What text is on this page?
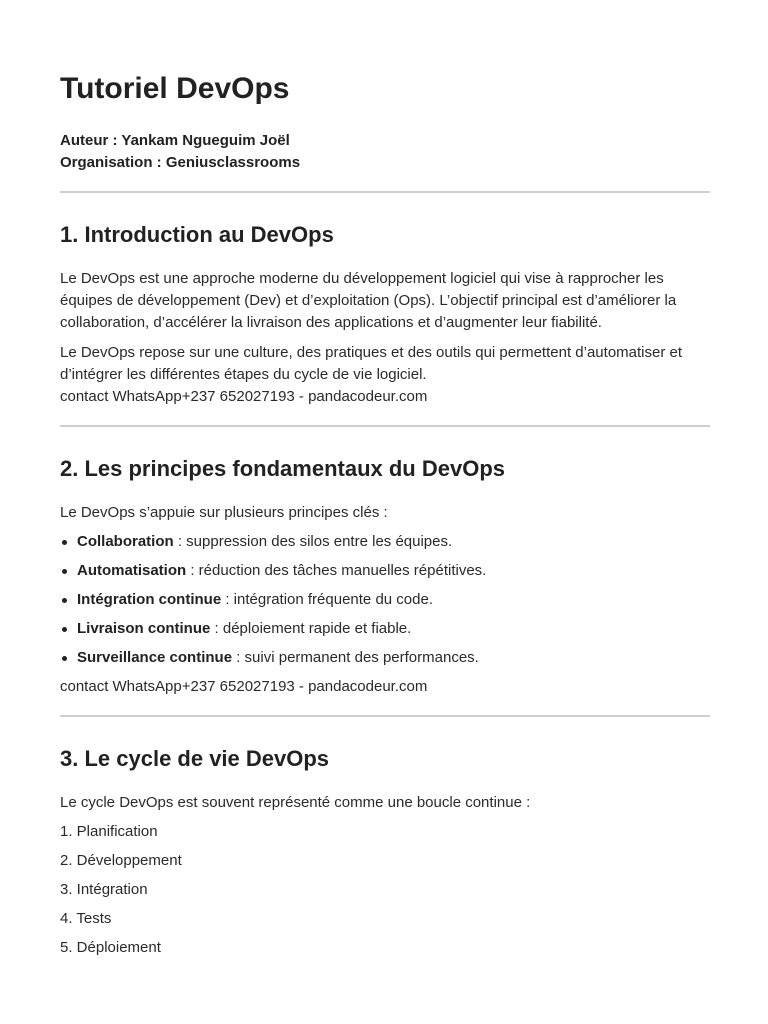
Tutoriel DevOps

Auteur : Yankam Ngueguim Joël

Organisation : Geniusclassrooms

1. Introduction au DevOps

Le DevOps est une approche moderne du développement logiciel qui vise à rapprocher les équipes de développement (Dev) et d’exploitation (Ops). L’objectif principal est d’améliorer la collaboration, d’accélérer la livraison des applications et d’augmenter leur fiabilité.

Le DevOps repose sur une culture, des pratiques et des outils qui permettent d’automatiser et d’intégrer les différentes étapes du cycle de vie logiciel.

contact WhatsApp+237 652027193 - pandacodeur.com

2. Les principes fondamentaux du DevOps

Le DevOps s’appuie sur plusieurs principes clés :

Collaboration : suppression des silos entre les équipes.
Automatisation : réduction des tâches manuelles répétitives.
Intégration continue : intégration fréquente du code.
Livraison continue : déploiement rapide et fiable.
Surveillance continue : suivi permanent des performances.

contact WhatsApp+237 652027193 - pandacodeur.com

3. Le cycle de vie DevOps

Le cycle DevOps est souvent représenté comme une boucle continue :

1. Planification
2. Développement
3. Intégration
4. Tests
5. Déploiement
